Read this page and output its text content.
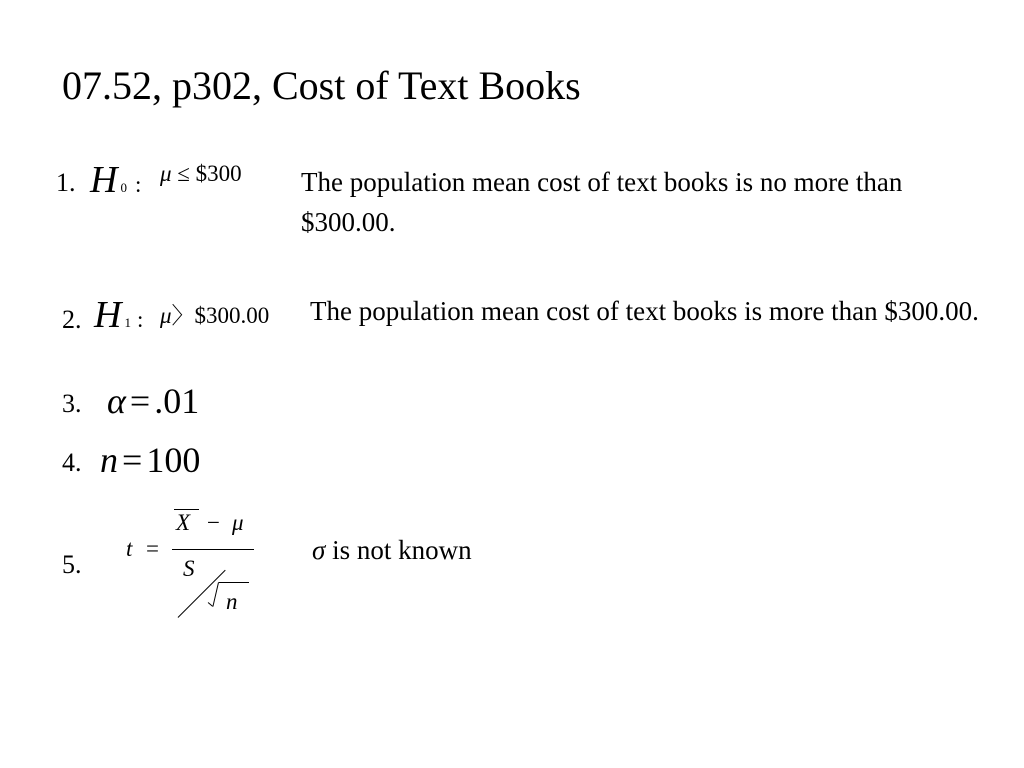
07.52, p302, Cost of Text Books
1. H 0 : μ ≤ $300 The population mean cost of text books is no more than $300.00.
2. H 1 : μ〉$300.00 The population mean cost of text books is more than $300.00.
3. α = .01
4. n = 100
5.
t =
X − μ
S
n
σ is not known
